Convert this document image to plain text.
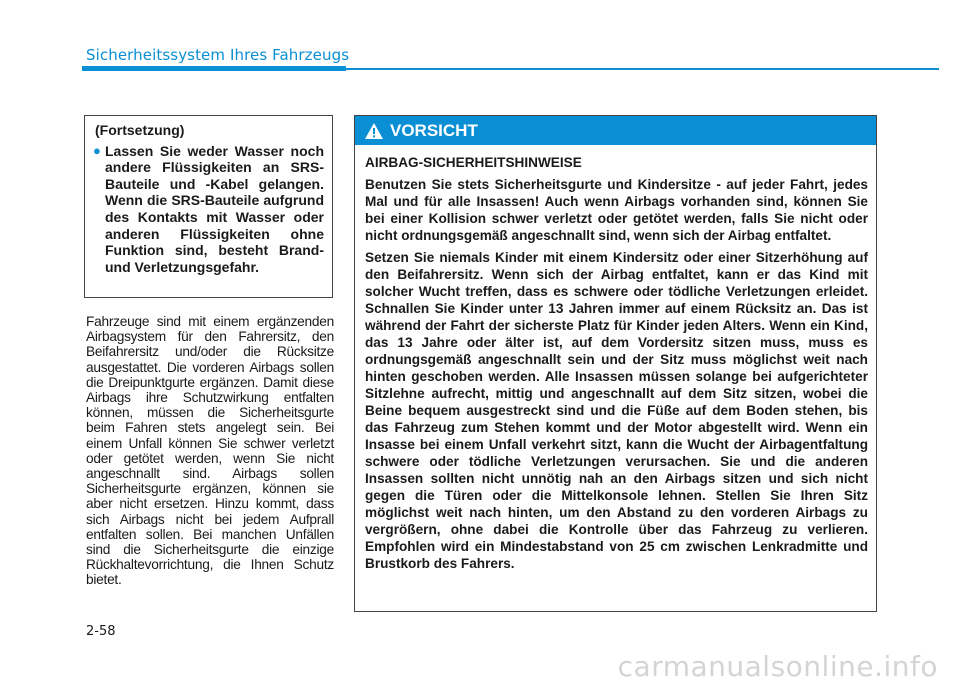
Sicherheitssystem Ihres Fahrzeugs
(Fortsetzung)
● Lassen Sie weder Wasser noch andere Flüssigkeiten an SRS-Bauteile und -Kabel gelangen. Wenn die SRS-Bauteile aufgrund des Kontakts mit Wasser oder anderen Flüssigkeiten ohne Funktion sind, besteht Brand- und Verletzungsgefahr.
Fahrzeuge sind mit einem ergänzenden Airbagsystem für den Fahrersitz, den Beifahrersitz und/oder die Rücksitze ausgestattet. Die vorderen Airbags sollen die Dreipunktgurte ergänzen. Damit diese Airbags ihre Schutzwirkung entfalten können, müssen die Sicherheitsgurte beim Fahren stets angelegt sein. Bei einem Unfall können Sie schwer verletzt oder getötet werden, wenn Sie nicht angeschnallt sind. Airbags sollen Sicherheitsgurte ergänzen, können sie aber nicht ersetzen. Hinzu kommt, dass sich Airbags nicht bei jedem Aufprall entfalten sollen. Bei manchen Unfällen sind die Sicherheitsgurte die einzige Rückhaltevorrichtung, die Ihnen Schutz bietet.
VORSICHT

AIRBAG-SICHERHEITSHINWEISE

Benutzen Sie stets Sicherheitsgurte und Kindersitze - auf jeder Fahrt, jedes Mal und für alle Insassen! Auch wenn Airbags vorhanden sind, können Sie bei einer Kollision schwer verletzt oder getötet werden, falls Sie nicht oder nicht ordnungsgemäß angeschnallt sind, wenn sich der Airbag entfaltet.

Setzen Sie niemals Kinder mit einem Kindersitz oder einer Sitzerhöhung auf den Beifahrersitz. Wenn sich der Airbag entfaltet, kann er das Kind mit solcher Wucht treffen, dass es schwere oder tödliche Verletzungen erleidet. Schnallen Sie Kinder unter 13 Jahren immer auf einem Rücksitz an. Das ist während der Fahrt der sicherste Platz für Kinder jeden Alters. Wenn ein Kind, das 13 Jahre oder älter ist, auf dem Vordersitz sitzen muss, muss es ordnungsgemäß angeschnallt sein und der Sitz muss möglichst weit nach hinten geschoben werden. Alle Insassen müssen solange bei aufgerichteter Sitzlehne aufrecht, mittig und angeschnallt auf dem Sitz sitzen, wobei die Beine bequem ausgestreckt sind und die Füße auf dem Boden stehen, bis das Fahrzeug zum Stehen kommt und der Motor abgestellt wird. Wenn ein Insasse bei einem Unfall verkehrt sitzt, kann die Wucht der Airbagentfaltung schwere oder tödliche Verletzungen verursachen. Sie und die anderen Insassen sollten nicht unnötig nah an den Airbags sitzen und sich nicht gegen die Türen oder die Mittelkonsole lehnen. Stellen Sie Ihren Sitz möglichst weit nach hinten, um den Abstand zu den vorderen Airbags zu vergrößern, ohne dabei die Kontrolle über das Fahrzeug zu verlieren. Empfohlen wird ein Mindestabstand von 25 cm zwischen Lenkradmitte und Brustkorb des Fahrers.

2-58
carmanualsonline.info
